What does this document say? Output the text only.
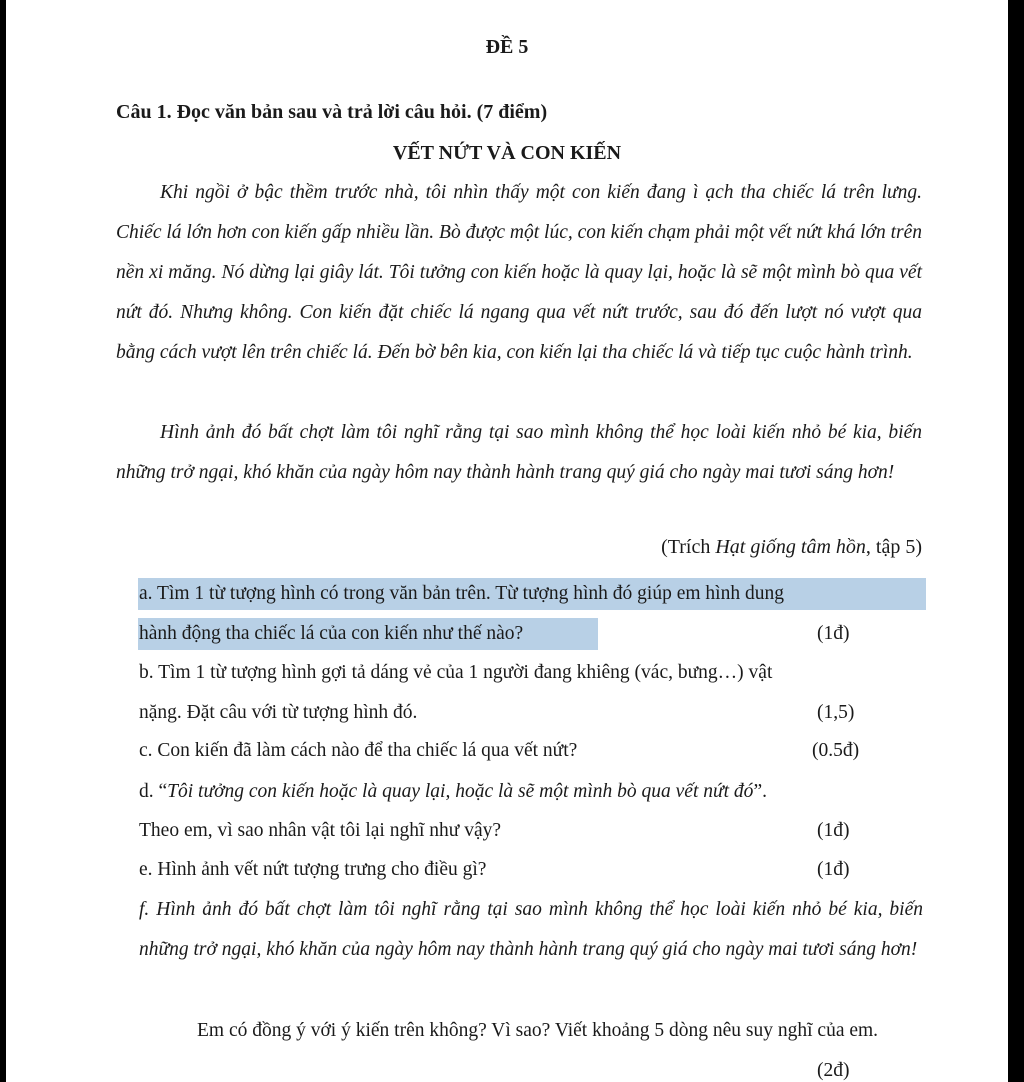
ĐỀ 5
Câu 1. Đọc văn bản sau và trả lời câu hỏi. (7 điểm)
VẾT NỨT VÀ CON KIẾN
Khi ngồi ở bậc thềm trước nhà, tôi nhìn thấy một con kiến đang ì ạch tha chiếc lá trên lưng. Chiếc lá lớn hơn con kiến gấp nhiều lần. Bò được một lúc, con kiến chạm phải một vết nứt khá lớn trên nền xi măng. Nó dừng lại giây lát. Tôi tưởng con kiến hoặc là quay lại, hoặc là sẽ một mình bò qua vết nứt đó. Nhưng không. Con kiến đặt chiếc lá ngang qua vết nứt trước, sau đó đến lượt nó vượt qua bằng cách vượt lên trên chiếc lá. Đến bờ bên kia, con kiến lại tha chiếc lá và tiếp tục cuộc hành trình.
Hình ảnh đó bất chợt làm tôi nghĩ rằng tại sao mình không thể học loài kiến nhỏ bé kia, biến những trở ngại, khó khăn của ngày hôm nay thành hành trang quý giá cho ngày mai tươi sáng hơn!
(Trích Hạt giống tâm hồn, tập 5)
a. Tìm 1 từ tượng hình có trong văn bản trên. Từ tượng hình đó giúp em hình dung
hành động tha chiếc lá của con kiến như thế nào?	(1đ)
b. Tìm 1 từ tượng hình gợi tả dáng vẻ của 1 người đang khiêng (vác, bưng…) vật
nặng. Đặt câu với từ tượng hình đó.	(1,5)
c. Con kiến đã làm cách nào để tha chiếc lá qua vết nứt?	(0.5đ)
d. “Tôi tưởng con kiến hoặc là quay lại, hoặc là sẽ một mình bò qua vết nứt đó”.
Theo em, vì sao nhân vật tôi lại nghĩ như vậy?	(1đ)
e. Hình ảnh vết nứt tượng trưng cho điều gì?	(1đ)
f. Hình ảnh đó bất chợt làm tôi nghĩ rằng tại sao mình không thể học loài kiến nhỏ bé kia, biến những trở ngại, khó khăn của ngày hôm nay thành hành trang quý giá cho ngày mai tươi sáng hơn!
Em có đồng ý với ý kiến trên không? Vì sao? Viết khoảng 5 dòng nêu suy nghĩ của em.
(2đ)
